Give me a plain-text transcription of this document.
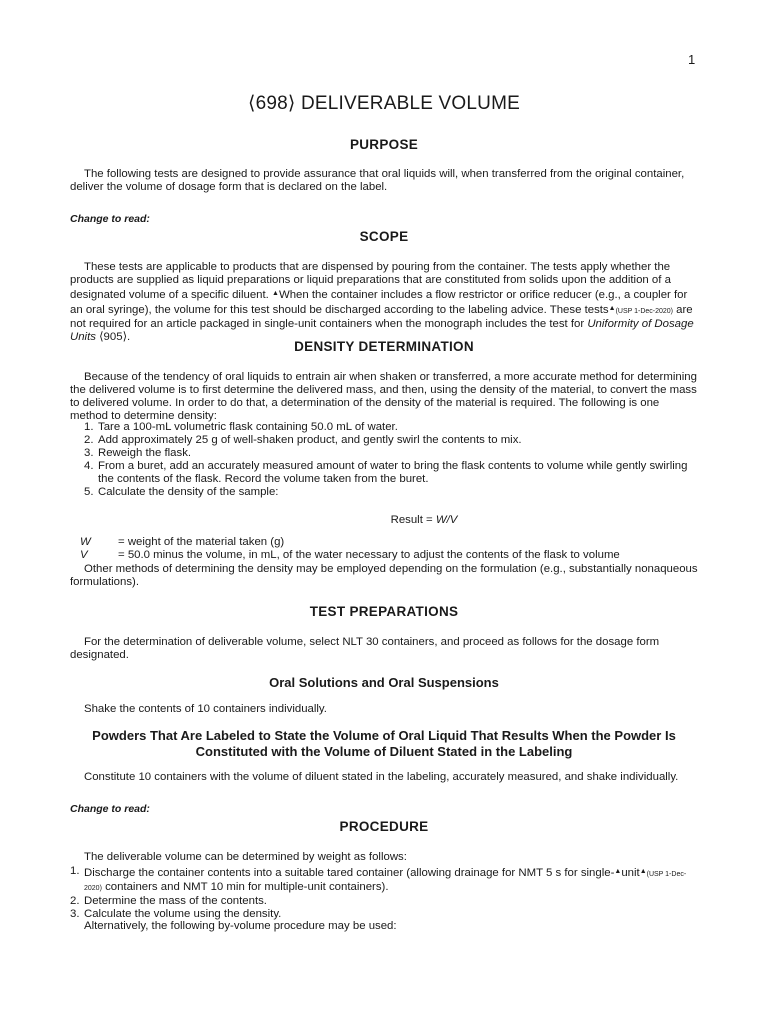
1
⟨698⟩ DELIVERABLE VOLUME
PURPOSE
The following tests are designed to provide assurance that oral liquids will, when transferred from the original container, deliver the volume of dosage form that is declared on the label.
Change to read:
SCOPE
These tests are applicable to products that are dispensed by pouring from the container. The tests apply whether the products are supplied as liquid preparations or liquid preparations that are constituted from solids upon the addition of a designated volume of a specific diluent. ▲When the container includes a flow restrictor or orifice reducer (e.g., a coupler for an oral syringe), the volume for this test should be discharged according to the labeling advice. These tests▲(USP 1-Dec-2020) are not required for an article packaged in single-unit containers when the monograph includes the test for Uniformity of Dosage Units ⟨905⟩.
DENSITY DETERMINATION
Because of the tendency of oral liquids to entrain air when shaken or transferred, a more accurate method for determining the delivered volume is to first determine the delivered mass, and then, using the density of the material, to convert the mass to delivered volume. In order to do that, a determination of the density of the material is required. The following is one method to determine density:
1. Tare a 100-mL volumetric flask containing 50.0 mL of water.
2. Add approximately 25 g of well-shaken product, and gently swirl the contents to mix.
3. Reweigh the flask.
4. From a buret, add an accurately measured amount of water to bring the flask contents to volume while gently swirling the contents of the flask. Record the volume taken from the buret.
5. Calculate the density of the sample:
Result = W/V
W = weight of the material taken (g)
V	= 50.0 minus the volume, in mL, of the water necessary to adjust the contents of the flask to volume
Other methods of determining the density may be employed depending on the formulation (e.g., substantially nonaqueous formulations).
TEST PREPARATIONS
For the determination of deliverable volume, select NLT 30 containers, and proceed as follows for the dosage form designated.
Oral Solutions and Oral Suspensions
Shake the contents of 10 containers individually.
Powders That Are Labeled to State the Volume of Oral Liquid That Results When the Powder Is
Constituted with the Volume of Diluent Stated in the Labeling
Constitute 10 containers with the volume of diluent stated in the labeling, accurately measured, and shake individually.
Change to read:
PROCEDURE
The deliverable volume can be determined by weight as follows:
1. Discharge the container contents into a suitable tared container (allowing drainage for NMT 5 s for single-▲unit▲(USP 1-Dec-2020) containers and NMT 10 min for multiple-unit containers).
2. Determine the mass of the contents.
3. Calculate the volume using the density.
Alternatively, the following by-volume procedure may be used:
